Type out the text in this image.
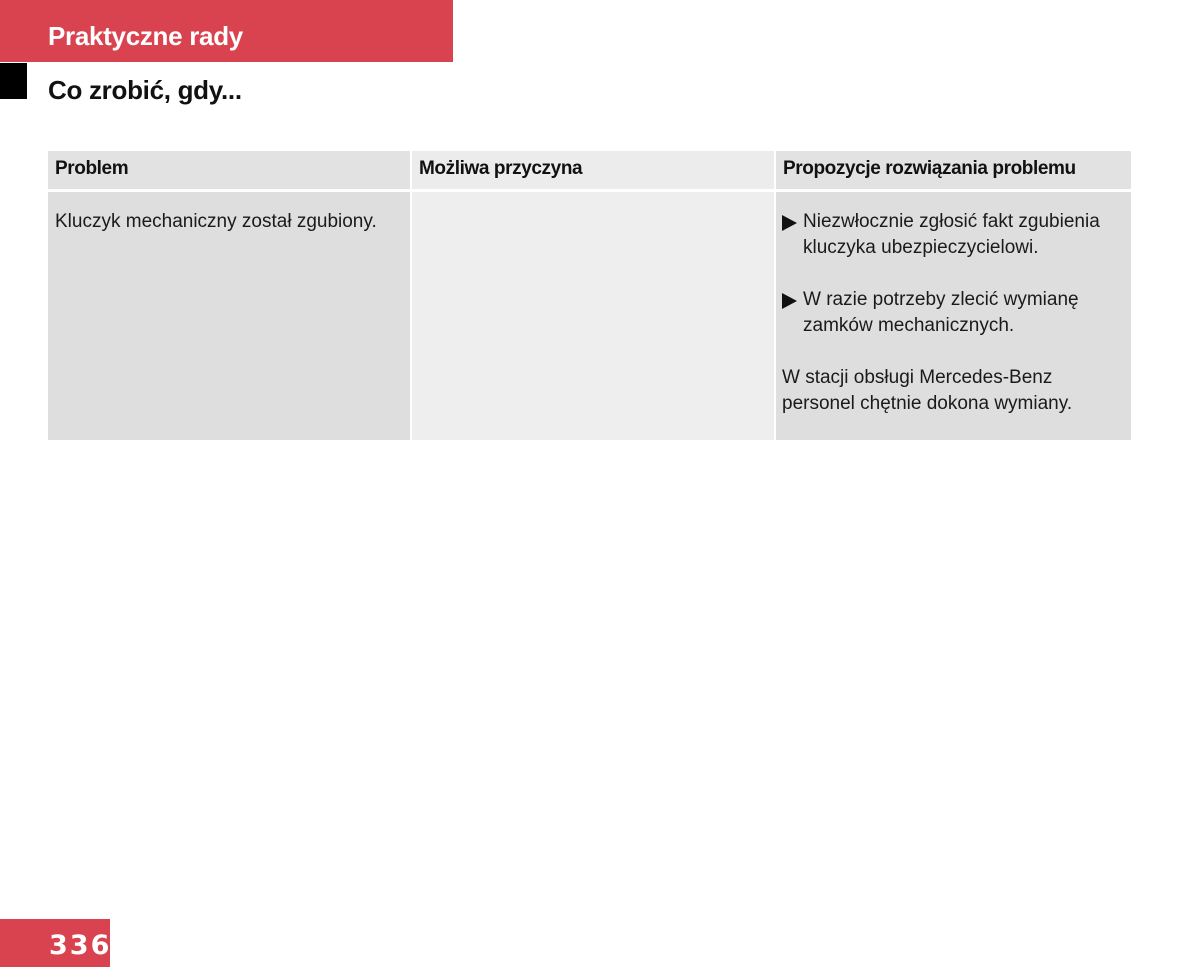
Praktyczne rady
Co zrobić, gdy...
Problem
Kluczyk mechaniczny został zgubiony.
Możliwa przyczyna	Propozycje rozwiązania problemu
Niezwłocznie zgłosić fakt zgubienia kluczyka ubezpieczycielowi.
W razie potrzeby zlecić wymianę zamków mechanicznych.
W stacji obsługi Mercedes-Benz personel chętnie dokona wymiany.
336
